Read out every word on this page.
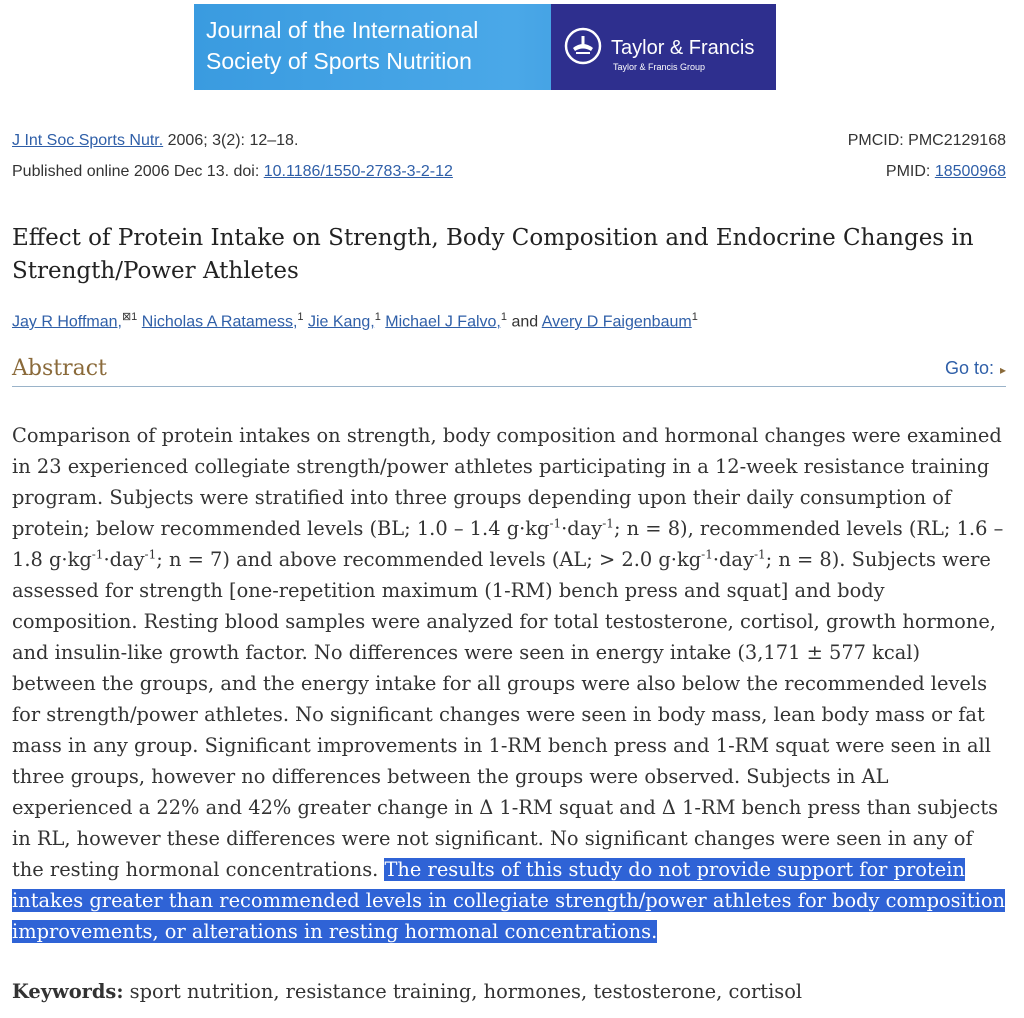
Journal of the International
Society of Sports Nutrition	Taylor & Francis
Taylor & Francis Group
J Int Soc Sports Nutr. 2006; 3(2): 12–18.	PMCID: PMC2129168
Published online 2006 Dec 13. doi: 10.1186/1550-2783-3-2-12	PMID: 18500968
Effect of Protein Intake on Strength, Body Composition and Endocrine Changes in Strength/Power Athletes
Jay R Hoffman,$^{⊠1}$ Nicholas A Ratamess,$^1$ Jie Kang,$^1$ Michael J Falvo,$^1$ and Avery D Faigenbaum$^1$
Abstract	Go to: ▸

Comparison of protein intakes on strength, body composition and hormonal changes were examined in 23 experienced collegiate strength/power athletes participating in a 12-week resistance training program. Subjects were stratified into three groups depending upon their daily consumption of protein; below recommended levels (BL; 1.0 – 1.4 $g\cdot kg^{-1}\cdot day^{-1}$; n = 8), recommended levels (RL; 1.6 – 1.8 $g\cdot kg^{-1}\cdot day^{-1}$; n = 7) and above recommended levels (AL; > 2.0 $g\cdot kg^{-1}\cdot day^{-1}$; n = 8). Subjects were assessed for strength [one-repetition maximum (1-RM) bench press and squat] and body composition. Resting blood samples were analyzed for total testosterone, cortisol, growth hormone, and insulin-like growth factor. No differences were seen in energy intake (3,171 ± 577 kcal) between the groups, and the energy intake for all groups were also below the recommended levels for strength/power athletes. No significant changes were seen in body mass, lean body mass or fat mass in any group. Significant improvements in 1-RM bench press and 1-RM squat were seen in all three groups, however no differences between the groups were observed. Subjects in AL experienced a 22% and 42% greater change in Δ 1-RM squat and Δ 1-RM bench press than subjects in RL, however these differences were not significant. No significant changes were seen in any of the resting hormonal concentrations. The results of this study do not provide support for protein intakes greater than recommended levels in collegiate strength/power athletes for body composition improvements, or alterations in resting hormonal concentrations.

Keywords: sport nutrition, resistance training, hormones, testosterone, cortisol
